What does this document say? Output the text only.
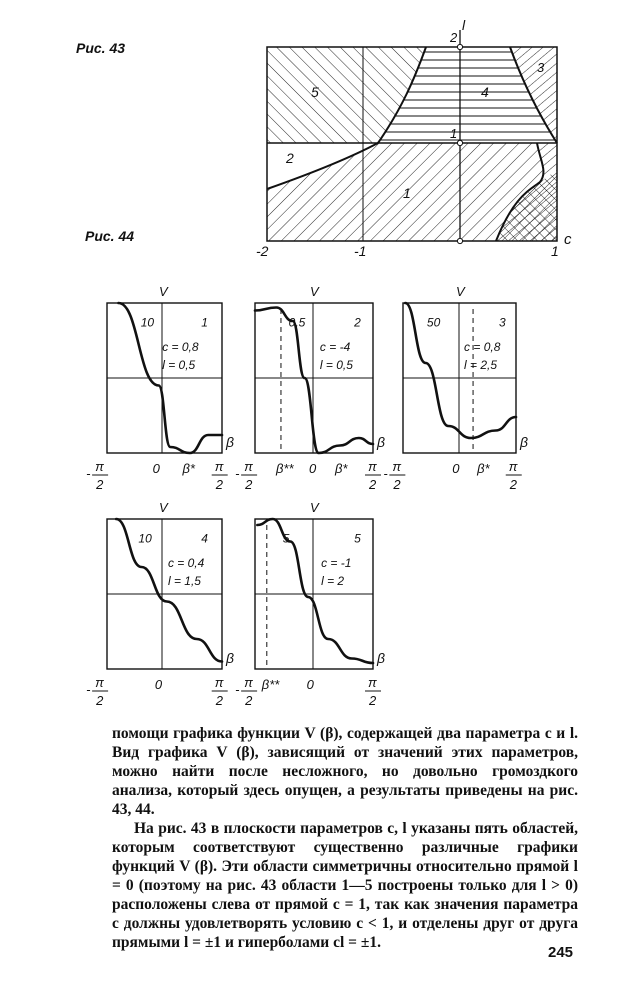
Рис. 43
Рис. 44
l
2
1
c
-2	-1	1
1
2
3
4
5
V
10	1
c = 0,8
l = 0,5
β
0 β*
- π
2
π
2
V
0,5	2
c = -4
l = 0,5
β
β** 0 β*
- π
2
π
2
V
50	3
c = 0,8
l = 2,5
β
0 β*
- π
2
π
2
V
10	4
c = 0,4
l = 1,5
β
0
- π
2
π
2
V
5	5
c = -1
l = 2
β
β** 0
- π
2
π
2

помощи графика функции V (β), содержащей два параметра c и l. Вид графика V (β), зависящий от значений этих параметров, можно найти после несложного, но довольно громоздкого анализа, который здесь опущен, а результаты приведены на рис. 43, 44.

На рис. 43 в плоскости параметров c, l указаны пять областей, которым соответствуют существенно различные графики функций V (β). Эти области симметричны относительно прямой l = 0 (поэтому на рис. 43 области 1—5 построены только для l > 0) расположены слева от прямой c = 1, так как значения параметра c должны удовлетворять условию c < 1, и отделены друг от друга прямыми l = ±1 и гиперболами cl = ±1.

245
